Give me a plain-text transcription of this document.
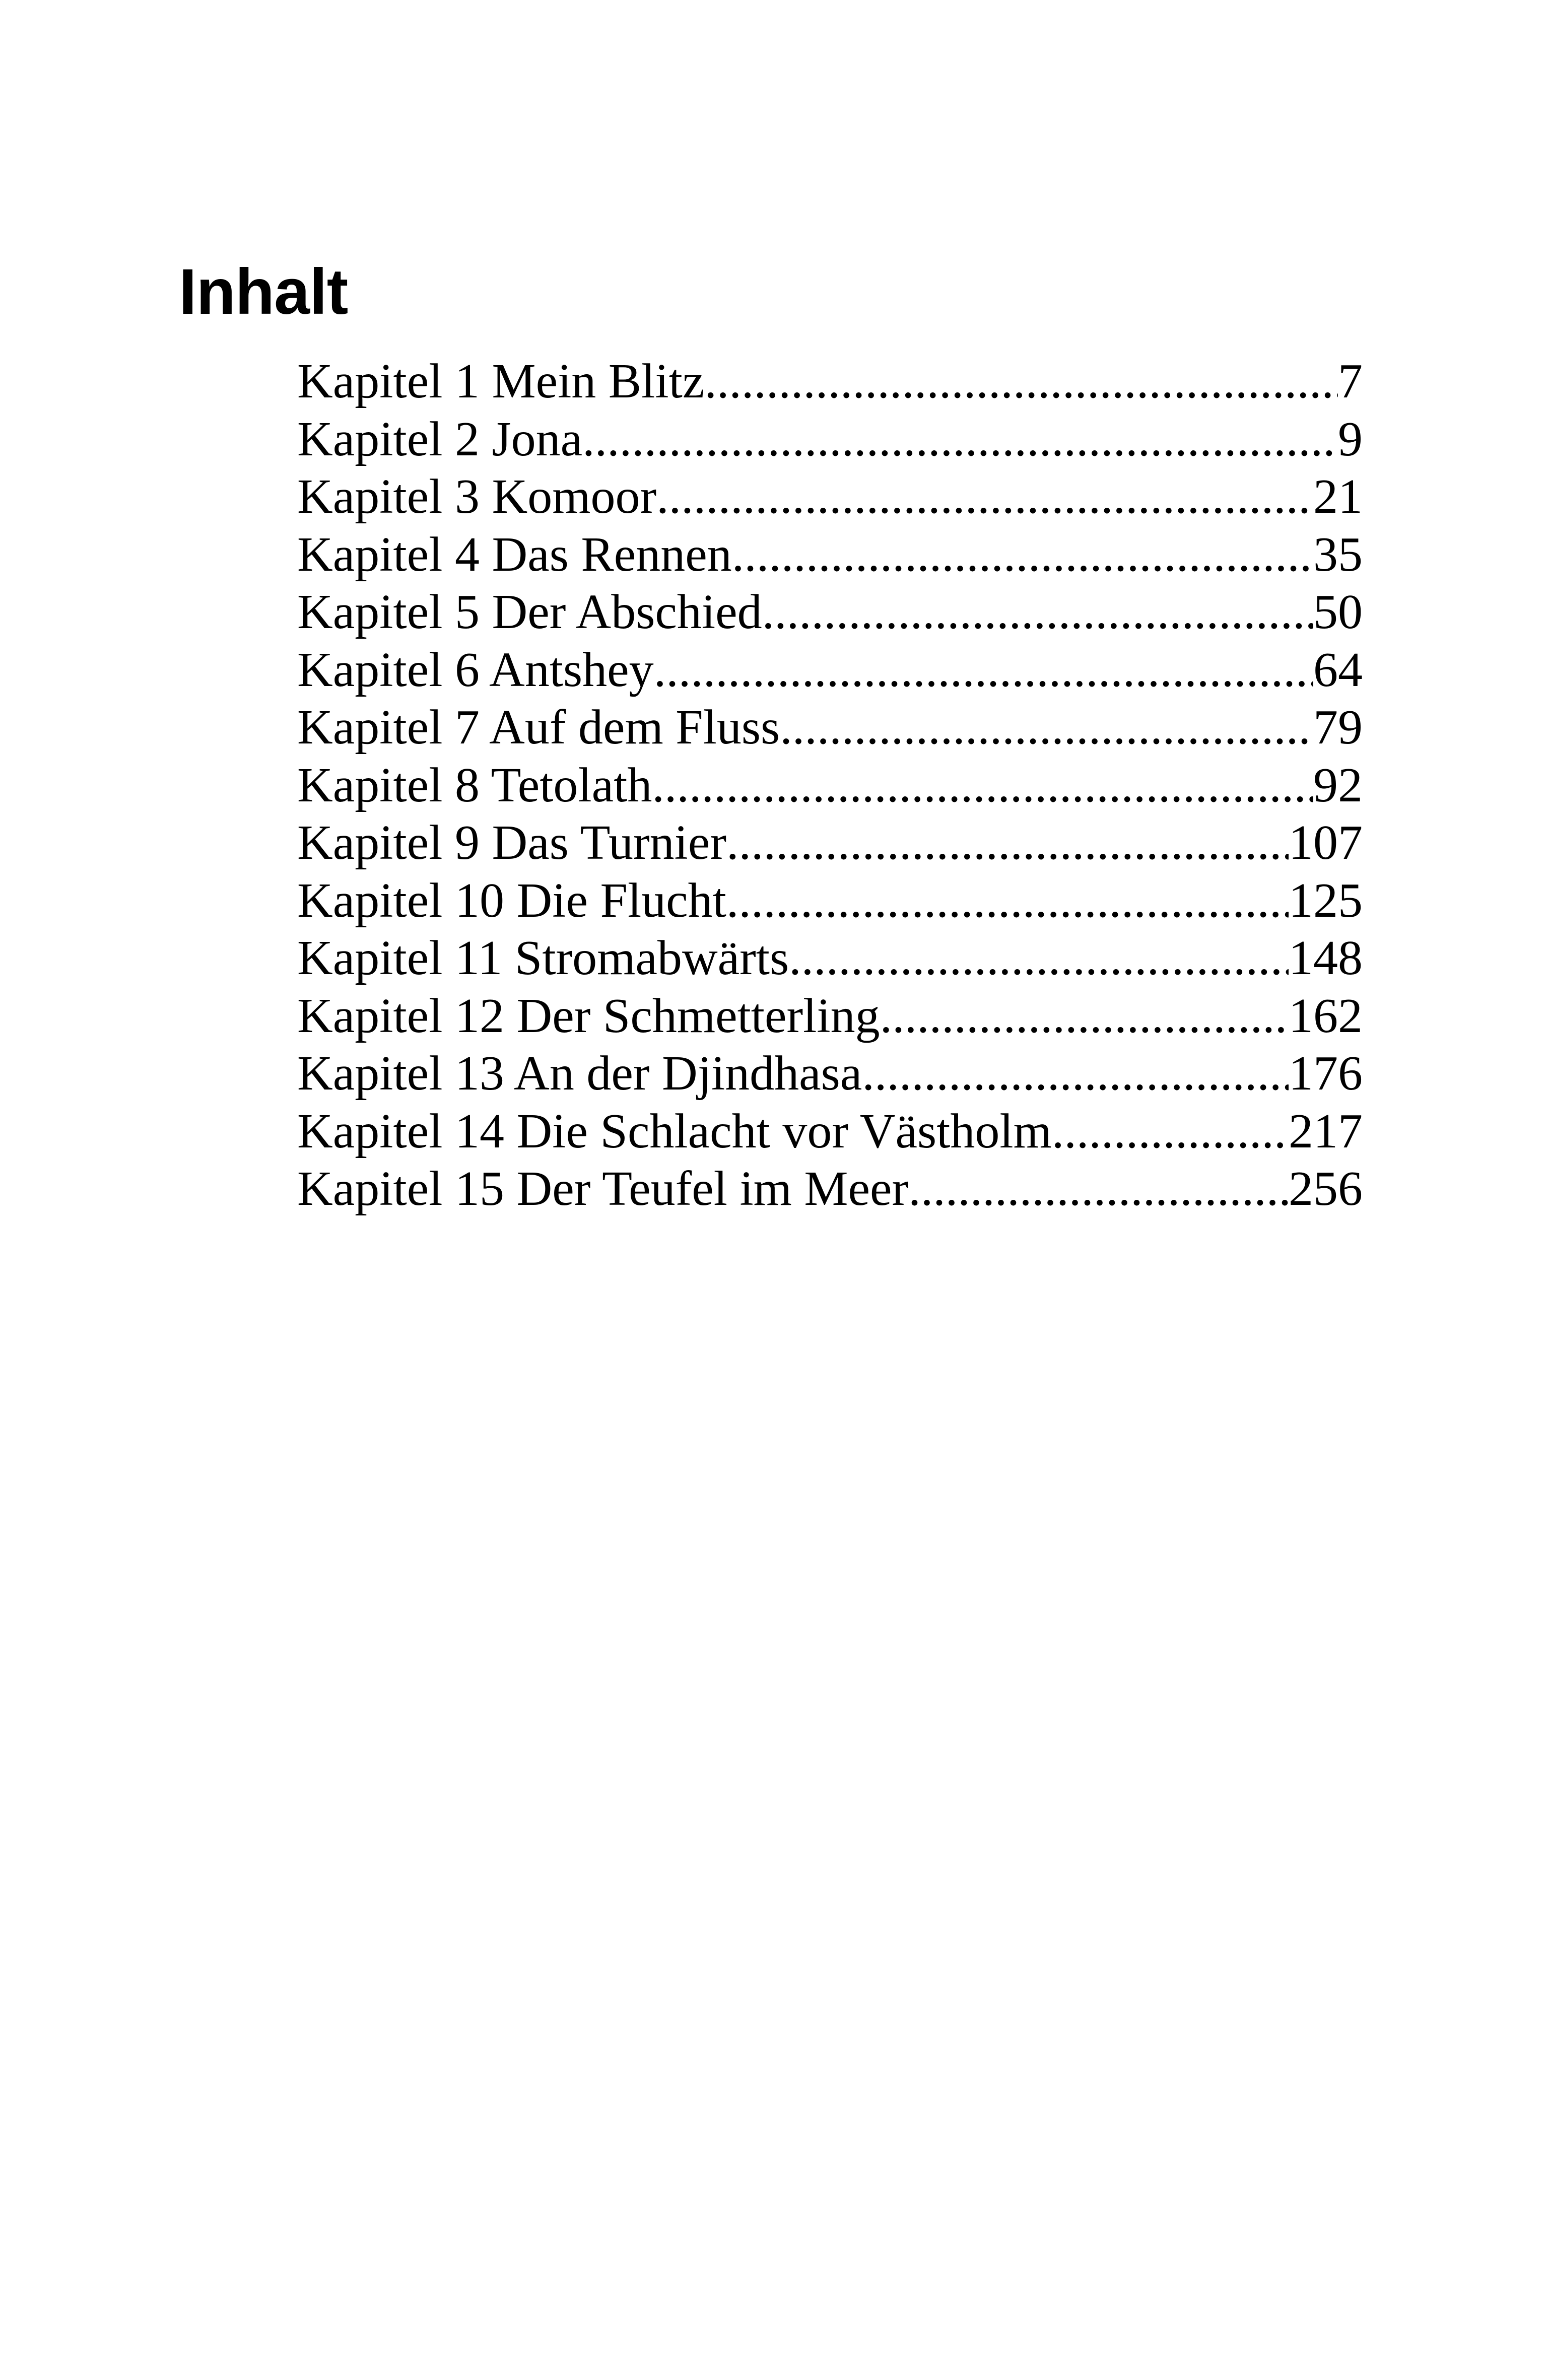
Inhalt
Kapitel 1 Mein Blitz .....	7
Kapitel 2 Jona .....	9
Kapitel 3 Komoor .....	21
Kapitel 4 Das Rennen .....	35
Kapitel 5 Der Abschied .....	50
Kapitel 6 Antshey .....	64
Kapitel 7 Auf dem Fluss .....	79
Kapitel 8 Tetolath .....	92
Kapitel 9 Das Turnier .....	107
Kapitel 10 Die Flucht .....	125
Kapitel 11 Stromabwärts .....	148
Kapitel 12 Der Schmetterling .....	162
Kapitel 13 An der Djindhasa .....	176
Kapitel 14 Die Schlacht vor Västholm .....	217
Kapitel 15 Der Teufel im Meer .....	256
